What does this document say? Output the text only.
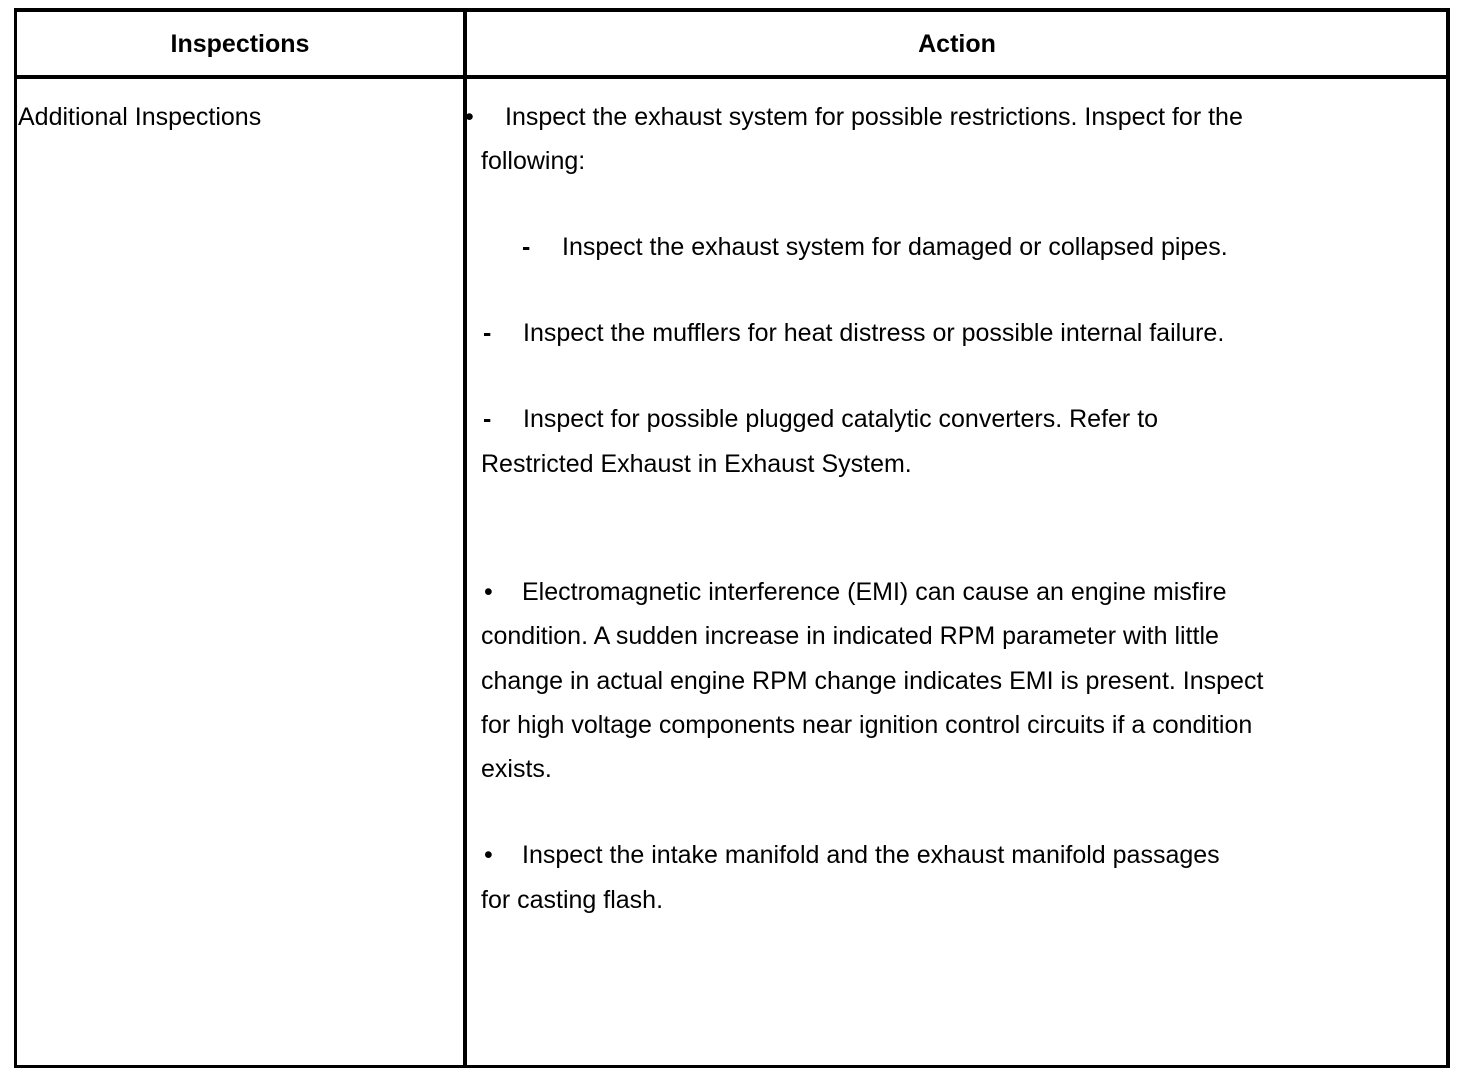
Inspections	Action
Additional Inspections	• Inspect the exhaust system for possible restrictions. Inspect for the
following:
- Inspect the exhaust system for damaged or collapsed pipes.
- Inspect the mufflers for heat distress or possible internal failure.
- Inspect for possible plugged catalytic converters. Refer to
Restricted Exhaust in Exhaust System.
• Electromagnetic interference (EMI) can cause an engine misfire
condition. A sudden increase in indicated RPM parameter with little
change in actual engine RPM change indicates EMI is present. Inspect
for high voltage components near ignition control circuits if a condition
exists.
• Inspect the intake manifold and the exhaust manifold passages
for casting flash.
